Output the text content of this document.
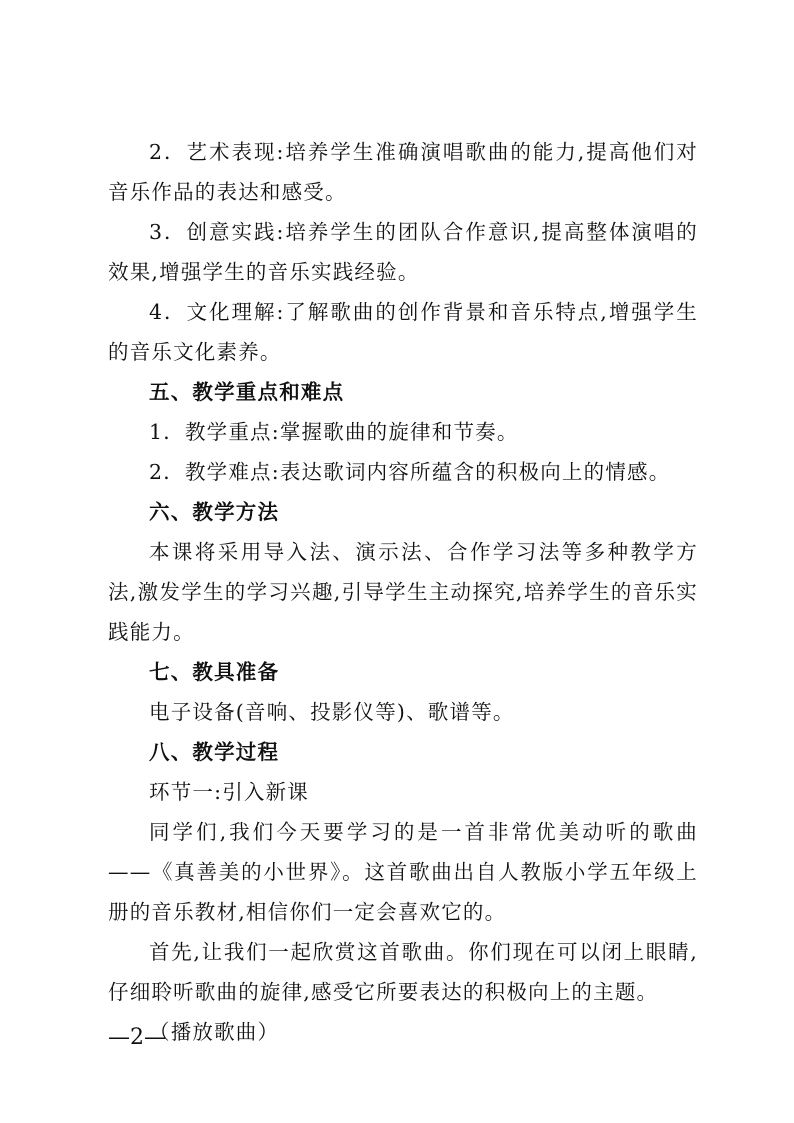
2．艺术表现:培养学生准确演唱歌曲的能力,提高他们对音乐作品的表达和感受。

3．创意实践:培养学生的团队合作意识,提高整体演唱的效果,增强学生的音乐实践经验。

4．文化理解:了解歌曲的创作背景和音乐特点,增强学生的音乐文化素养。

五、教学重点和难点

1．教学重点:掌握歌曲的旋律和节奏。

2．教学难点:表达歌词内容所蕴含的积极向上的情感。

六、教学方法

本课将采用导入法、演示法、合作学习法等多种教学方法,激发学生的学习兴趣,引导学生主动探究,培养学生的音乐实践能力。

七、教具准备

电子设备(音响、投影仪等)、歌谱等。

八、教学过程

环节一:引入新课

同学们,我们今天要学习的是一首非常优美动听的歌曲——《真善美的小世界》。这首歌曲出自人教版小学五年级上册的音乐教材,相信你们一定会喜欢它的。

首先,让我们一起欣赏这首歌曲。你们现在可以闭上眼睛,仔细聆听歌曲的旋律,感受它所要表达的积极向上的主题。

（播放歌曲）

—2—
